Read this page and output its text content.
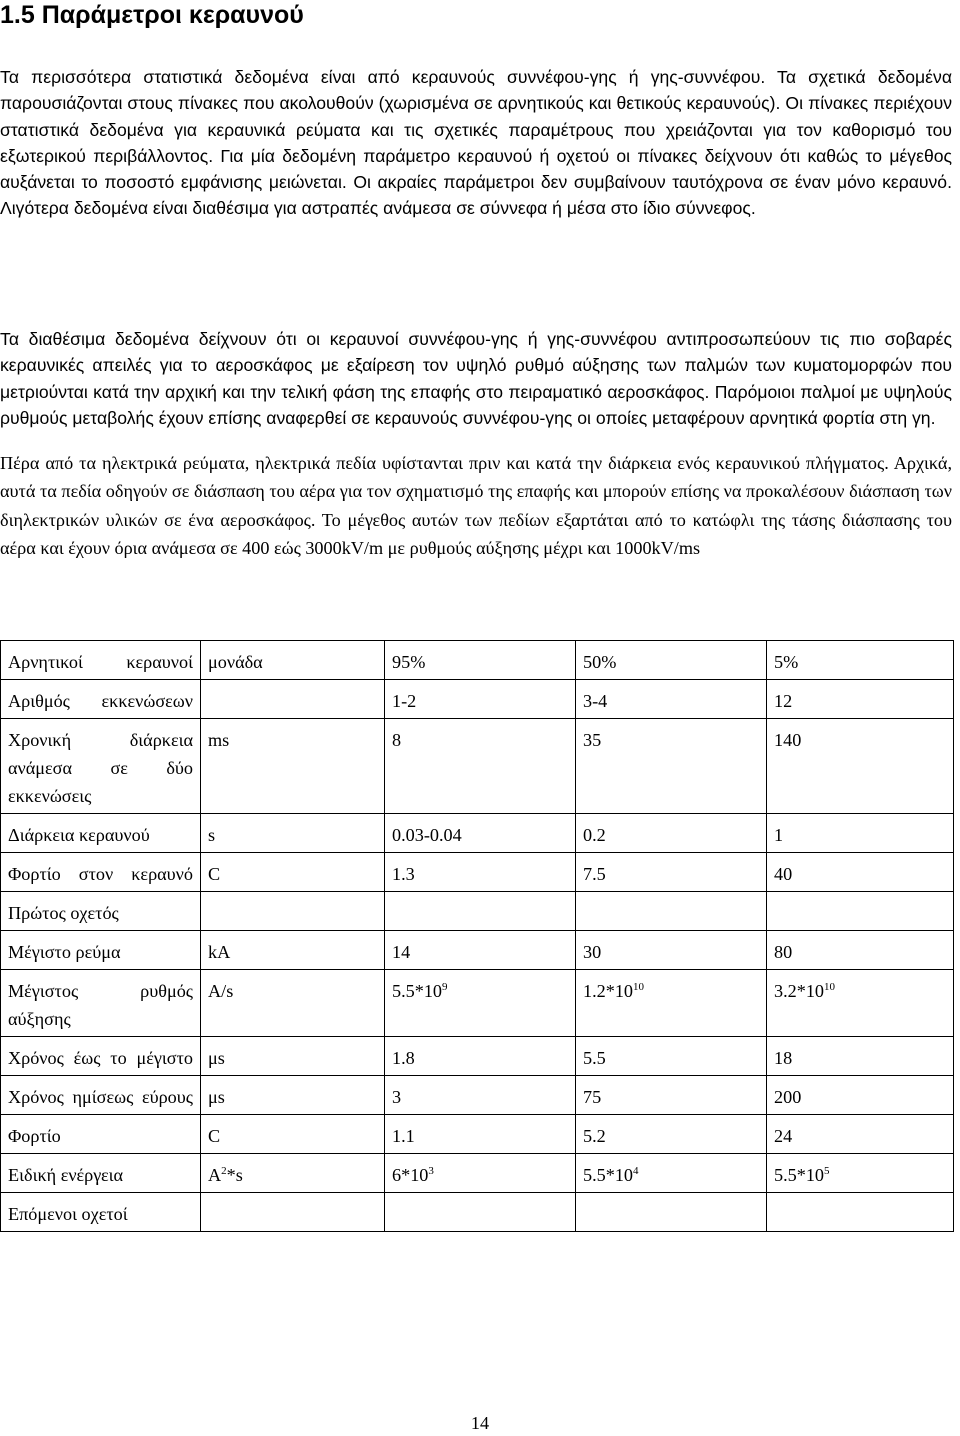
1.5 Παράμετροι κεραυνού

Τα περισσότερα στατιστικά δεδομένα είναι από κεραυνούς συννέφου-γης ή γης-συννέφου. Τα σχετικά δεδομένα παρουσιάζονται στους πίνακες που ακολουθούν (χωρισμένα σε αρνητικούς και θετικούς κεραυνούς). Οι πίνακες περιέχουν στατιστικά δεδομένα για κεραυνικά ρεύματα και τις σχετικές παραμέτρους που χρειάζονται για τον καθορισμό του εξωτερικού περιβάλλοντος. Για μία δεδομένη παράμετρο κεραυνού ή οχετού οι πίνακες δείχνουν ότι καθώς το μέγεθος αυξάνεται το ποσοστό εμφάνισης μειώνεται. Οι ακραίες παράμετροι δεν συμβαίνουν ταυτόχρονα σε έναν μόνο κεραυνό. Λιγότερα δεδομένα είναι διαθέσιμα για αστραπές ανάμεσα σε σύννεφα ή μέσα στο ίδιο σύννεφος.

Τα διαθέσιμα δεδομένα δείχνουν ότι οι κεραυνοί συννέφου-γης ή γης-συννέφου αντιπροσωπεύουν τις πιο σοβαρές κεραυνικές απειλές για το αεροσκάφος με εξαίρεση τον υψηλό ρυθμό αύξησης των παλμών των κυματομορφών που μετριούνται κατά την αρχική και την τελική φάση της επαφής στο πειραματικό αεροσκάφος. Παρόμοιοι παλμοί με υψηλούς ρυθμούς μεταβολής έχουν επίσης αναφερθεί σε κεραυνούς συννέφου-γης οι οποίες μεταφέρουν αρνητικά φορτία στη γη.

Πέρα από τα ηλεκτρικά ρεύματα, ηλεκτρικά πεδία υφίστανται πριν και κατά την διάρκεια ενός κεραυνικού πλήγματος. Αρχικά, αυτά τα πεδία οδηγούν σε διάσπαση του αέρα για τον σχηματισμό της επαφής και μπορούν επίσης να προκαλέσουν διάσπαση των διηλεκτρικών υλικών σε ένα αεροσκάφος. Το μέγεθος αυτών των πεδίων εξαρτάται από το κατώφλι της τάσης διάσπασης του αέρα και έχουν όρια ανάμεσα σε 400 εώς 3000kV/m με ρυθμούς αύξησης μέχρι και 1000kV/ms

Αρνητικοί κεραυνοί	μονάδα	95%	50%	5%
Αριθμός εκκενώσεων		1-2	3-4	12
Χρονική διάρκεια ανάμεσα σε δύο εκκενώσεις	ms	8	35	140
Διάρκεια κεραυνού	s	0.03-0.04	0.2	1
Φορτίο στον κεραυνό	C	1.3	7.5	40
Πρώτος οχετός				
Μέγιστο ρεύμα	kA	14	30	80
Μέγιστος ρυθμός αύξησης	A/s	$5.5*10^9$	$1.2*10^{10}$	$3.2*10^{10}$
Χρόνος έως το μέγιστο	μs	1.8	5.5	18
Χρόνος ημίσεως εύρους	μs	3	75	200
Φορτίο	C	1.1	5.2	24
Ειδική ενέργεια	$A^2*s$	$6*10^3$	$5.5*10^4$	$5.5*10^5$
Επόμενοι οχετοί				
14
